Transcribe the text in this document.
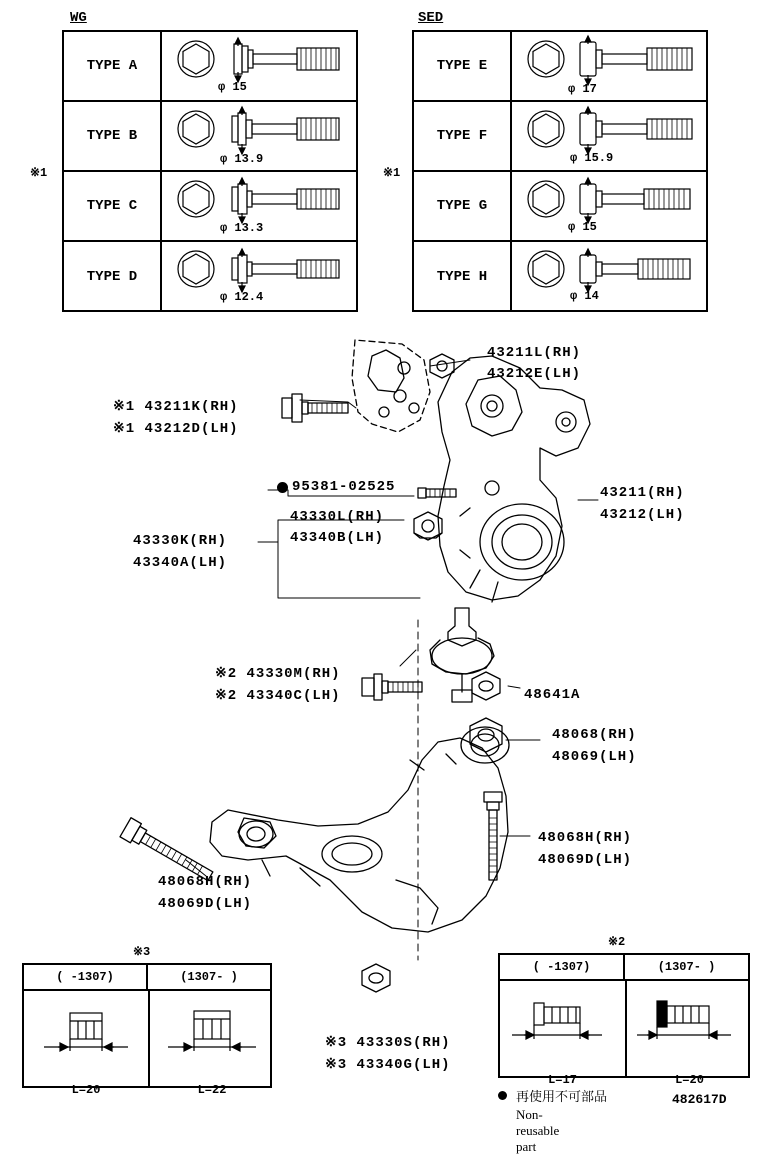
WG
※1
TYPE A
φ 15
TYPE B
φ 13.9
TYPE C
φ 13.3
TYPE D
φ 12.4
SED
※1
TYPE E
φ 17
TYPE F
φ 15.9
TYPE G
φ 15
TYPE H
φ 14
43211L(RH)
43212E(LH)
※1 43211K(RH)
※1 43212D(LH)
95381-02525
43330L(RH)
43340B(LH)
43330K(RH)
43340A(LH)
43211(RH)
43212(LH)
※2 43330M(RH)
※2 43340C(LH)	48641A
48068(RH)
48069(LH)
48068H(RH)
48069D(LH)
48068H(RH)
48069D(LH)
※3 43330S(RH)
※3 43340G(LH)
※3
( -1307)	(1307- )
L=20	L=22
※2
( -1307)	(1307- )
L=17	L=20
再使用不可部品
Non-reusable part
482617D
